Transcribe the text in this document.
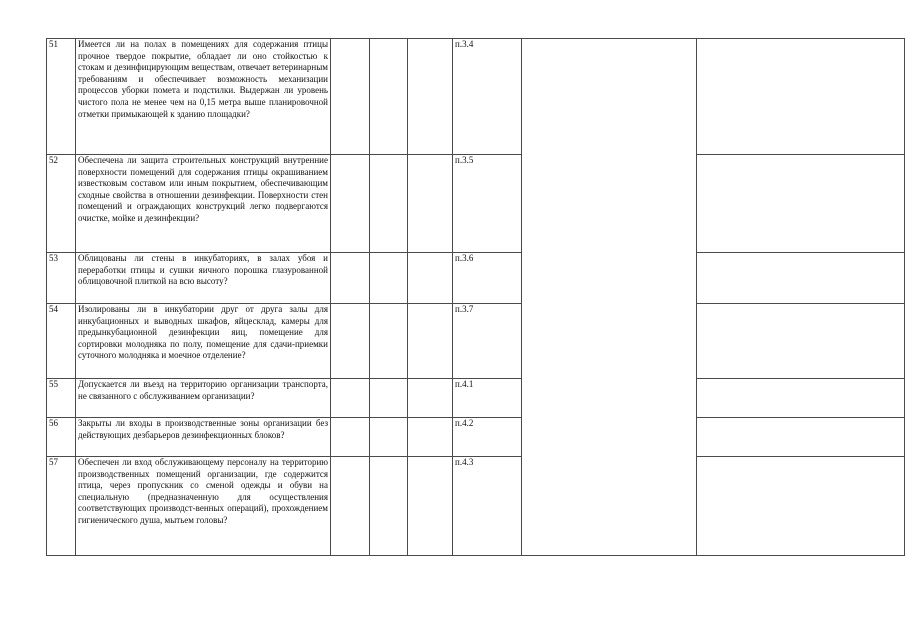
51	Имеется ли на полах в помещениях для содержания птицы прочное твердое покрытие, обладает ли оно стойкостью к стокам и дезинфицирующим веществам, отвечает ветеринарным требованиям и обеспечивает возможность механизации процессов уборки помета и подстилки. Выдержан ли уровень чистого пола не менее чем на 0,15 метра выше планировочной отметки примыкающей к зданию площадки?				п.3.4		
52	Обеспечена ли защита строительных конструкций внутренние поверхности помещений для содержания птицы окрашиванием известковым составом или иным покрытием, обеспечивающим сходные свойства в отношении дезинфекции. Поверхности стен помещений и ограждающих конструкций легко подвергаются очистке, мойке и дезинфекции?				п.3.5		
53	Облицованы ли стены в инкубаториях, в залах убоя и переработки птицы и сушки яичного порошка глазурованной облицовочной плиткой на всю высоту?				п.3.6		
54	Изолированы ли в инкубатории друг от друга залы для инкубационных и выводных шкафов, яйцесклад, камеры для предынкубационной дезинфекции яиц, помещение для сортировки молодняка по полу, помещение для сдачи-приемки суточного молодняка и моечное отделение?				п.3.7		
55	Допускается ли въезд на территорию организации транспорта, не связанного с обслуживанием организации?				п.4.1		
56	Закрыты ли входы в производственные зоны организации без действующих дезбарьеров дезинфекционных блоков?				п.4.2		
57	Обеспечен ли вход обслуживающему персоналу на территорию производственных помещений организации, где содержится птица, через пропускник со сменой одежды и обуви на специальную (предназначенную для осуществления соответствующих производст-венных операций), прохождением гигиенического душа, мытьем головы?				п.4.3		
